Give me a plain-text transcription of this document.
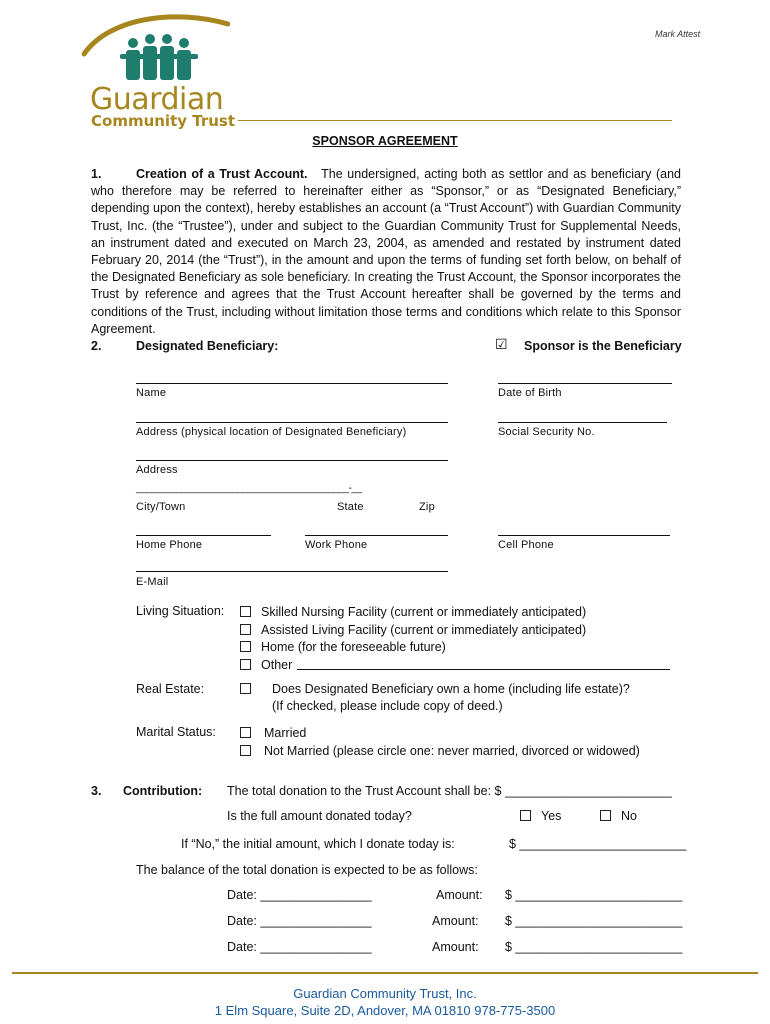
Guardian
Community Trust
Mark Attest
SPONSOR AGREEMENT
1.	Creation of a Trust Account. The undersigned, acting both as settlor and as beneficiary (and who therefore may be referred to hereinafter either as “Sponsor,” or as “Designated Beneficiary,” depending upon the context), hereby establishes an account (a “Trust Account”) with Guardian Community Trust, Inc. (the “Trustee”), under and subject to the Guardian Community Trust for Supplemental Needs, an instrument dated and executed on March 23, 2004, as amended and restated by instrument dated February 20, 2014 (the “Trust”), in the amount and upon the terms of funding set forth below, on behalf of the Designated Beneficiary as sole beneficiary. In creating the Trust Account, the Sponsor incorporates the Trust by reference and agrees that the Trust Account hereafter shall be governed by the terms and conditions of the Trust, including without limitation those terms and conditions which relate to this Sponsor Agreement.
2.	Designated Beneficiary:	☑ Sponsor is the Beneficiary
Name	Date of Birth
Address (physical location of Designated Beneficiary)	Social Security No.
Address
__________________________________________-__
City/Town	State	Zip
Home Phone	Work Phone	Cell Phone
E-Mail
Living Situation:	Skilled Nursing Facility (current or immediately anticipated)
Assisted Living Facility (current or immediately anticipated)
Home (for the foreseeable future)
Other
Real Estate:	Does Designated Beneficiary own a home (including life estate)?
(If checked, please include copy of deed.)
Marital Status:	Married
Not Married (please circle one: never married, divorced or widowed)
3. Contribution: The total donation to the Trust Account shall be: $ ________________________
Is the full amount donated today?	Yes	No
If “No,” the initial amount, which I donate today is:	$ ________________________
The balance of the total donation is expected to be as follows:
Date: ________________	Amount: $ ________________________
Date: ________________	Amount: $ ________________________
Date: ________________	Amount: $ ________________________
Guardian Community Trust, Inc.
1 Elm Square, Suite 2D, Andover, MA 01810 978-775-3500
